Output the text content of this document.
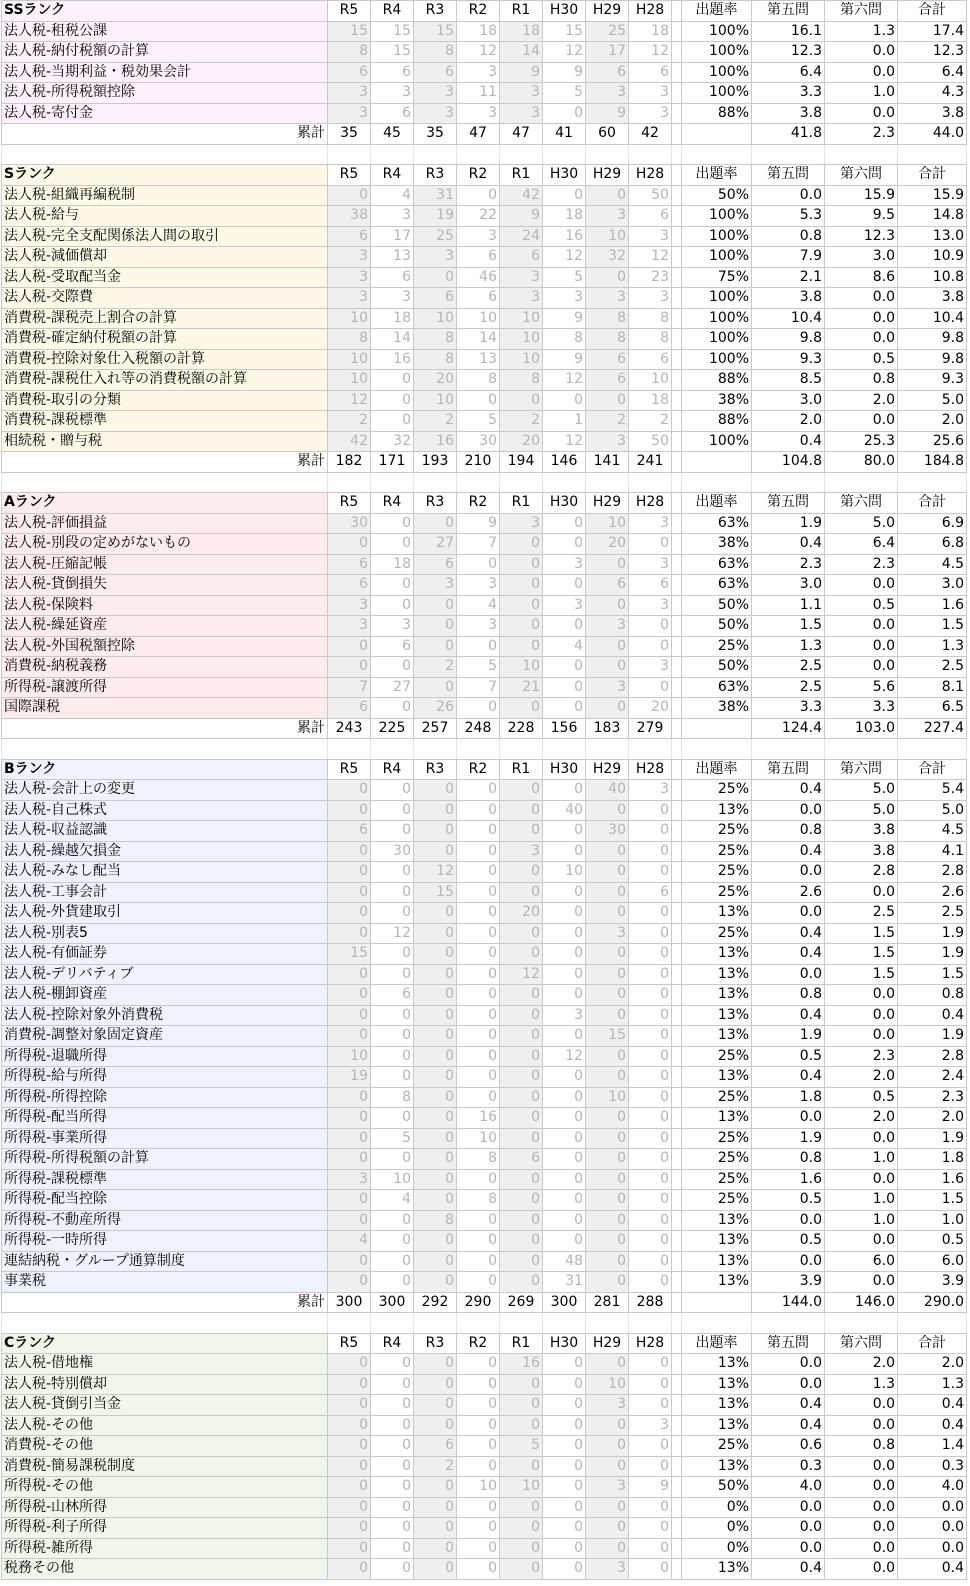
SSランク	R5	R4	R3	R2	R1	H30	H29	H28		出題率	第五問	第六問	合計
法人税-租税公課	15	15	15	18	18	15	25	18		100%	16.1	1.3	17.4
法人税-納付税額の計算	8	15	8	12	14	12	17	12		100%	12.3	0.0	12.3
法人税-当期利益・税効果会計	6	6	6	3	9	9	6	6		100%	6.4	0.0	6.4
法人税-所得税額控除	3	3	3	11	3	5	3	3		100%	3.3	1.0	4.3
法人税-寄付金	3	6	3	3	3	0	9	3		88%	3.8	0.0	3.8
累計	35	45	35	47	47	41	60	42			41.8	2.3	44.0

Sランク	R5	R4	R3	R2	R1	H30	H29	H28		出題率	第五問	第六問	合計
法人税-組織再編税制	0	4	31	0	42	0	0	50		50%	0.0	15.9	15.9
法人税-給与	38	3	19	22	9	18	3	6		100%	5.3	9.5	14.8
法人税-完全支配関係法人間の取引	6	17	25	3	24	16	10	3		100%	0.8	12.3	13.0
法人税-減価償却	3	13	3	6	6	12	32	12		100%	7.9	3.0	10.9
法人税-受取配当金	3	6	0	46	3	5	0	23		75%	2.1	8.6	10.8
法人税-交際費	3	3	6	6	3	3	3	3		100%	3.8	0.0	3.8
消費税-課税売上割合の計算	10	18	10	10	10	9	8	8		100%	10.4	0.0	10.4
消費税-確定納付税額の計算	8	14	8	14	10	8	8	8		100%	9.8	0.0	9.8
消費税-控除対象仕入税額の計算	10	16	8	13	10	9	6	6		100%	9.3	0.5	9.8
消費税-課税仕入れ等の消費税額の計算	10	0	20	8	8	12	6	10		88%	8.5	0.8	9.3
消費税-取引の分類	12	0	10	0	0	0	0	18		38%	3.0	2.0	5.0
消費税-課税標準	2	0	2	5	2	1	2	2		88%	2.0	0.0	2.0
相続税・贈与税	42	32	16	30	20	12	3	50		100%	0.4	25.3	25.6
累計	182	171	193	210	194	146	141	241			104.8	80.0	184.8

Aランク	R5	R4	R3	R2	R1	H30	H29	H28		出題率	第五問	第六問	合計
法人税-評価損益	30	0	0	9	3	0	10	3		63%	1.9	5.0	6.9
法人税-別段の定めがないもの	0	0	27	7	0	0	20	0		38%	0.4	6.4	6.8
法人税-圧縮記帳	6	18	6	0	0	3	0	3		63%	2.3	2.3	4.5
法人税-貸倒損失	6	0	3	3	0	0	6	6		63%	3.0	0.0	3.0
法人税-保険料	3	0	0	4	0	3	0	3		50%	1.1	0.5	1.6
法人税-繰延資産	3	3	0	3	0	0	3	0		50%	1.5	0.0	1.5
法人税-外国税額控除	0	6	0	0	0	4	0	0		25%	1.3	0.0	1.3
消費税-納税義務	0	0	2	5	10	0	0	3		50%	2.5	0.0	2.5
所得税-譲渡所得	7	27	0	7	21	0	3	0		63%	2.5	5.6	8.1
国際課税	6	0	26	0	0	0	0	20		38%	3.3	3.3	6.5
累計	243	225	257	248	228	156	183	279			124.4	103.0	227.4

Bランク	R5	R4	R3	R2	R1	H30	H29	H28		出題率	第五問	第六問	合計
法人税-会計上の変更	0	0	0	0	0	0	40	3		25%	0.4	5.0	5.4
法人税-自己株式	0	0	0	0	0	40	0	0		13%	0.0	5.0	5.0
法人税-収益認識	6	0	0	0	0	0	30	0		25%	0.8	3.8	4.5
法人税-繰越欠損金	0	30	0	0	3	0	0	0		25%	0.4	3.8	4.1
法人税-みなし配当	0	0	12	0	0	10	0	0		25%	0.0	2.8	2.8
法人税-工事会計	0	0	15	0	0	0	0	6		25%	2.6	0.0	2.6
法人税-外貨建取引	0	0	0	0	20	0	0	0		13%	0.0	2.5	2.5
法人税-別表5	0	12	0	0	0	0	3	0		25%	0.4	1.5	1.9
法人税-有価証券	15	0	0	0	0	0	0	0		13%	0.4	1.5	1.9
法人税-デリバティブ	0	0	0	0	12	0	0	0		13%	0.0	1.5	1.5
法人税-棚卸資産	0	6	0	0	0	0	0	0		13%	0.8	0.0	0.8
法人税-控除対象外消費税	0	0	0	0	0	3	0	0		13%	0.4	0.0	0.4
消費税-調整対象固定資産	0	0	0	0	0	0	15	0		13%	1.9	0.0	1.9
所得税-退職所得	10	0	0	0	0	12	0	0		25%	0.5	2.3	2.8
所得税-給与所得	19	0	0	0	0	0	0	0		13%	0.4	2.0	2.4
所得税-所得控除	0	8	0	0	0	0	10	0		25%	1.8	0.5	2.3
所得税-配当所得	0	0	0	16	0	0	0	0		13%	0.0	2.0	2.0
所得税-事業所得	0	5	0	10	0	0	0	0		25%	1.9	0.0	1.9
所得税-所得税額の計算	0	0	0	8	6	0	0	0		25%	0.8	1.0	1.8
所得税-課税標準	3	10	0	0	0	0	0	0		25%	1.6	0.0	1.6
所得税-配当控除	0	4	0	8	0	0	0	0		25%	0.5	1.0	1.5
所得税-不動産所得	0	0	8	0	0	0	0	0		13%	0.0	1.0	1.0
所得税-一時所得	4	0	0	0	0	0	0	0		13%	0.5	0.0	0.5
連結納税・グループ通算制度	0	0	0	0	0	48	0	0		13%	0.0	6.0	6.0
事業税	0	0	0	0	0	31	0	0		13%	3.9	0.0	3.9
累計	300	300	292	290	269	300	281	288			144.0	146.0	290.0

Cランク	R5	R4	R3	R2	R1	H30	H29	H28		出題率	第五問	第六問	合計
法人税-借地権	0	0	0	0	16	0	0	0		13%	0.0	2.0	2.0
法人税-特別償却	0	0	0	0	0	0	10	0		13%	0.0	1.3	1.3
法人税-貸倒引当金	0	0	0	0	0	0	3	0		13%	0.4	0.0	0.4
法人税-その他	0	0	0	0	0	0	0	3		13%	0.4	0.0	0.4
消費税-その他	0	0	6	0	5	0	0	0		25%	0.6	0.8	1.4
消費税-簡易課税制度	0	0	2	0	0	0	0	0		13%	0.3	0.0	0.3
所得税-その他	0	0	0	10	10	0	3	9		50%	4.0	0.0	4.0
所得税-山林所得	0	0	0	0	0	0	0	0		0%	0.0	0.0	0.0
所得税-利子所得	0	0	0	0	0	0	0	0		0%	0.0	0.0	0.0
所得税-雑所得	0	0	0	0	0	0	0	0		0%	0.0	0.0	0.0
税務その他	0	0	0	0	0	0	3	0		13%	0.4	0.0	0.4
